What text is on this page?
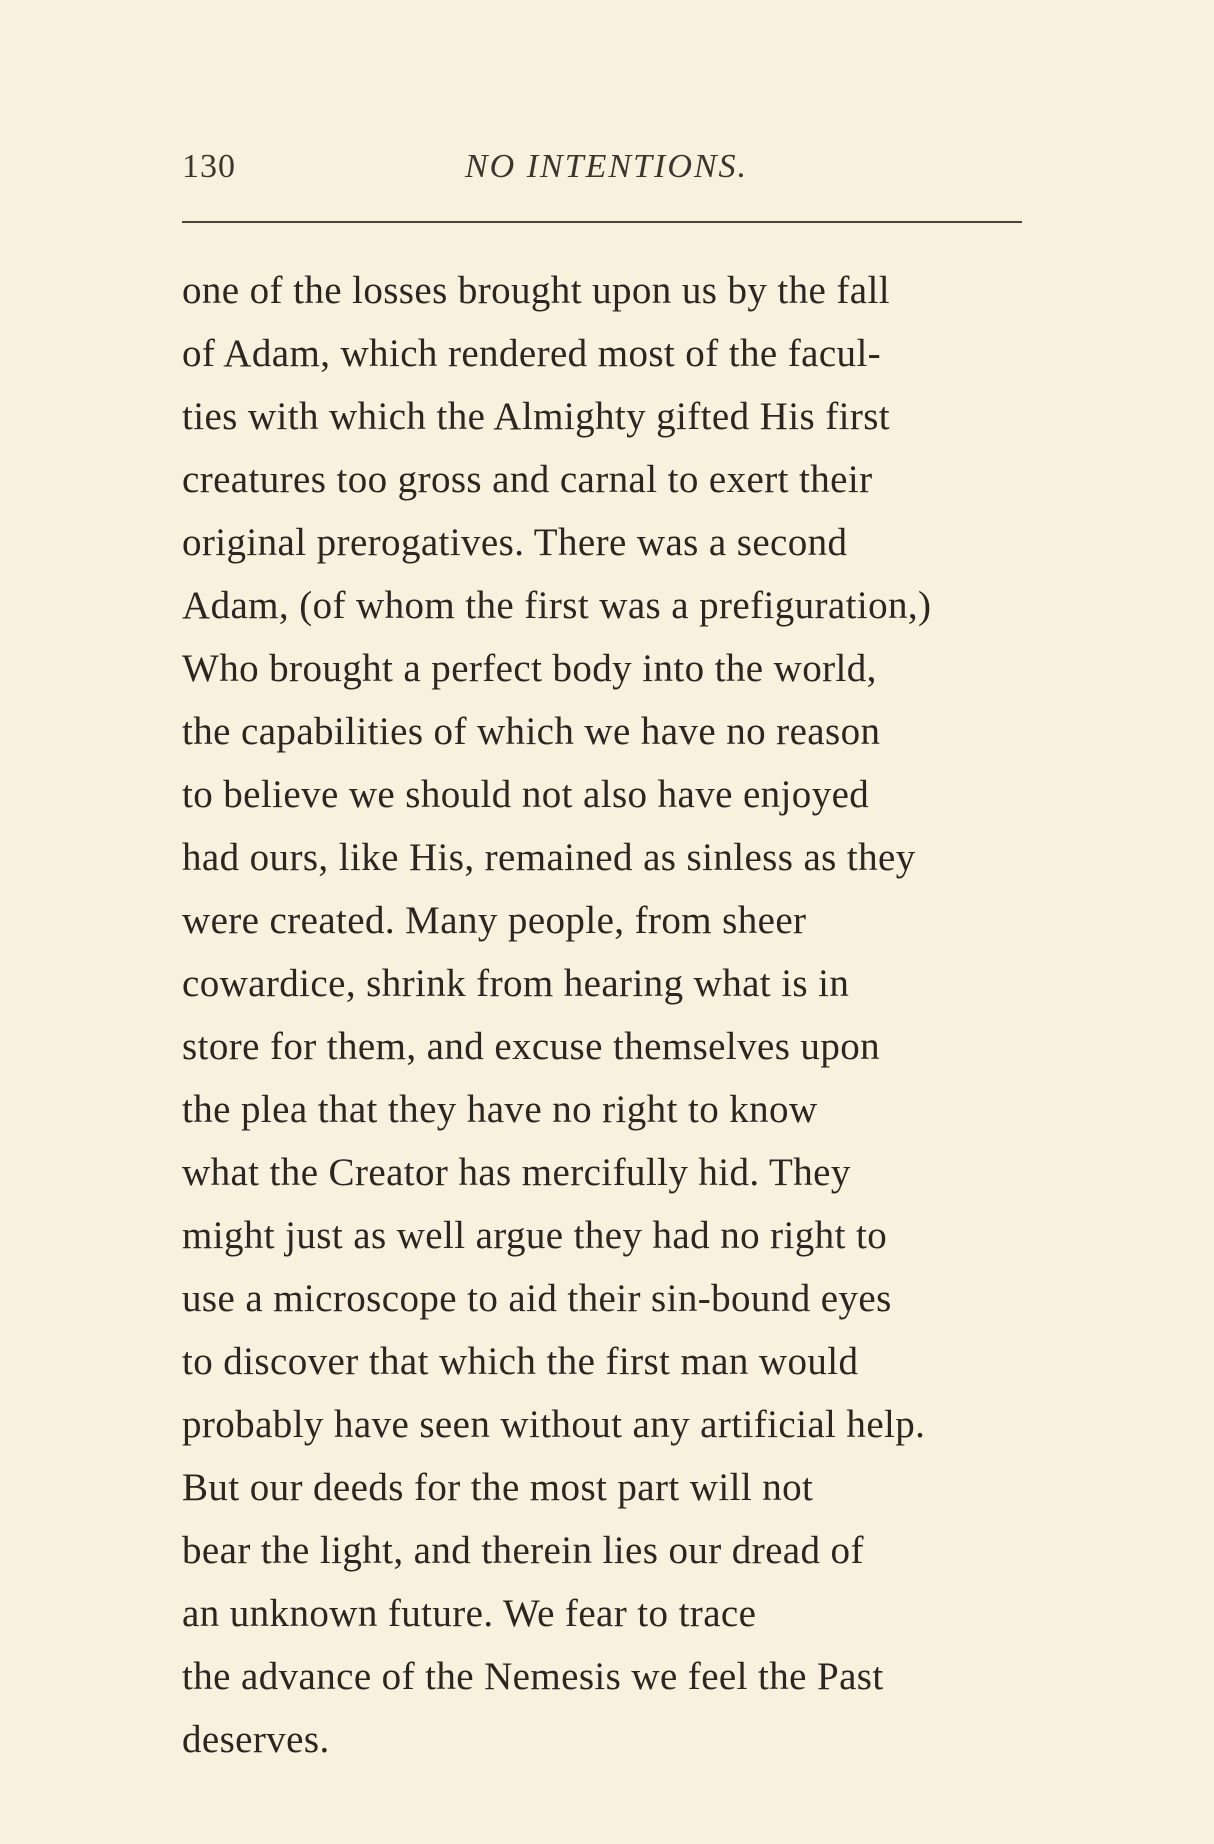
130	NO INTENTIONS.
one of the losses brought upon us by the fall
of Adam, which rendered most of the facul-
ties with which the Almighty gifted His first
creatures too gross and carnal to exert their
original prerogatives. There was a second
Adam, (of whom the first was a prefiguration,)
Who brought a perfect body into the world,
the capabilities of which we have no reason
to believe we should not also have enjoyed
had ours, like His, remained as sinless as they
were created. Many people, from sheer
cowardice, shrink from hearing what is in
store for them, and excuse themselves upon
the plea that they have no right to know
what the Creator has mercifully hid. They
might just as well argue they had no right to
use a microscope to aid their sin-bound eyes
to discover that which the first man would
probably have seen without any artificial help.
But our deeds for the most part will not
bear the light, and therein lies our dread of
an unknown future. We fear to trace
the advance of the Nemesis we feel the Past
deserves.
